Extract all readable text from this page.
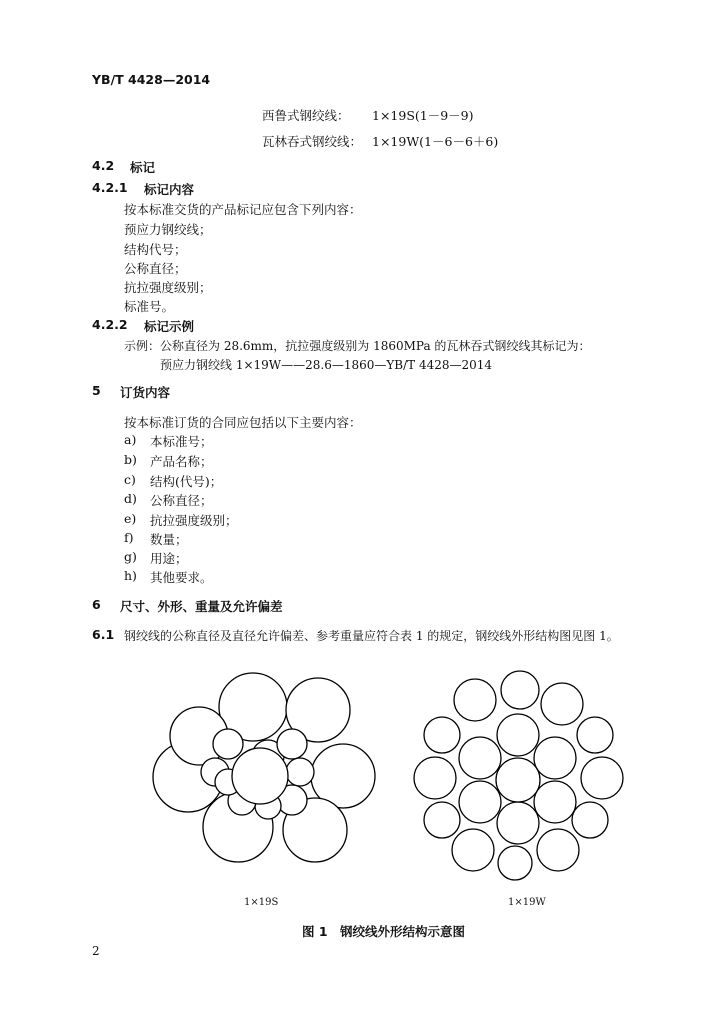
YB/T 4428—2014
西鲁式钢绞线： 1×19S(1－9－9)
瓦林吞式钢绞线： 1×19W(1－6－6＋6)
4.2 标记
4.2.1 标记内容
按本标准交货的产品标记应包含下列内容：
预应力钢绞线；
结构代号；
公称直径；
抗拉强度级别；
标准号。
4.2.2 标记示例
示例：公称直径为 28.6mm，抗拉强度级别为 1860MPa 的瓦林吞式钢绞线其标记为：
预应力钢绞线 1×19W——28.6—1860—YB/T 4428—2014
5 订货内容
按本标准订货的合同应包括以下主要内容：
a) 本标准号；
b) 产品名称；
c) 结构(代号)；
d) 公称直径；
e) 抗拉强度级别；
f) 数量；
g) 用途；
h) 其他要求。
6 尺寸、外形、重量及允许偏差
6.1 钢绞线的公称直径及直径允许偏差、参考重量应符合表 1 的规定，钢绞线外形结构图见图 1。
1×19S	1×19W
图 1 钢绞线外形结构示意图
2
